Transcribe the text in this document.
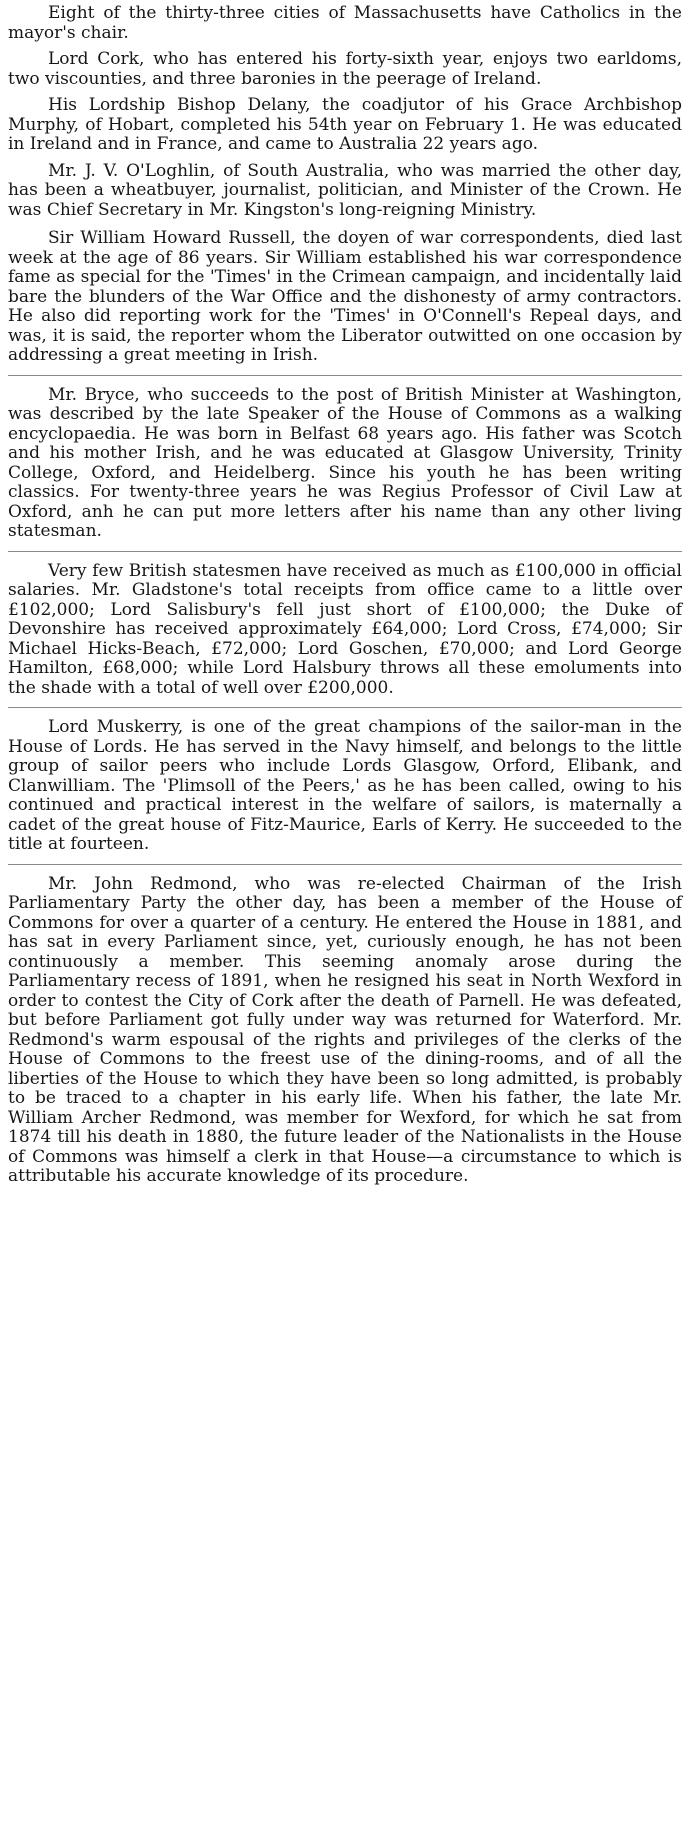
Eight of the thirty-three cities of Massachusetts have Catholics in the mayor's chair.

Lord Cork, who has entered his forty-sixth year, enjoys two earldoms, two viscounties, and three baronies in the peerage of Ireland.

His Lordship Bishop Delany, the coadjutor of his Grace Archbishop Murphy, of Hobart, completed his 54th year on February 1. He was educated in Ireland and in France, and came to Australia 22 years ago.

Mr. J. V. O'Loghlin, of South Australia, who was married the other day, has been a wheatbuyer, journalist, politician, and Minister of the Crown. He was Chief Secretary in Mr. Kingston's long-reigning Ministry.

Sir William Howard Russell, the doyen of war correspondents, died last week at the age of 86 years. Sir William established his war correspondence fame as special for the 'Times' in the Crimean campaign, and incidentally laid bare the blunders of the War Office and the dishonesty of army contractors. He also did reporting work for the 'Times' in O'Connell's Repeal days, and was, it is said, the reporter whom the Liberator outwitted on one occasion by addressing a great meeting in Irish.

Mr. Bryce, who succeeds to the post of British Minister at Washington, was described by the late Speaker of the House of Commons as a walking encyclopaedia. He was born in Belfast 68 years ago. His father was Scotch and his mother Irish, and he was educated at Glasgow University, Trinity College, Oxford, and Heidelberg. Since his youth he has been writing classics. For twenty-three years he was Regius Professor of Civil Law at Oxford, anh he can put more letters after his name than any other living statesman.

Very few British statesmen have received as much as £100,000 in official salaries. Mr. Gladstone's total receipts from office came to a little over £102,000; Lord Salisbury's fell just short of £100,000; the Duke of Devonshire has received approximately £64,000; Lord Cross, £74,000; Sir Michael Hicks-Beach, £72,000; Lord Goschen, £70,000; and Lord George Hamilton, £68,000; while Lord Halsbury throws all these emoluments into the shade with a total of well over £200,000.

Lord Muskerry, is one of the great champions of the sailor-man in the House of Lords. He has served in the Navy himself, and belongs to the little group of sailor peers who include Lords Glasgow, Orford, Elibank, and Clanwilliam. The 'Plimsoll of the Peers,' as he has been called, owing to his continued and practical interest in the welfare of sailors, is maternally a cadet of the great house of Fitz-Maurice, Earls of Kerry. He succeeded to the title at fourteen.

Mr. John Redmond, who was re-elected Chairman of the Irish Parliamentary Party the other day, has been a member of the House of Commons for over a quarter of a century. He entered the House in 1881, and has sat in every Parliament since, yet, curiously enough, he has not been continuously a member. This seeming anomaly arose during the Parliamentary recess of 1891, when he resigned his seat in North Wexford in order to contest the City of Cork after the death of Parnell. He was defeated, but before Parliament got fully under way was returned for Waterford. Mr. Redmond's warm espousal of the rights and privileges of the clerks of the House of Commons to the freest use of the dining-rooms, and of all the liberties of the House to which they have been so long admitted, is probably to be traced to a chapter in his early life. When his father, the late Mr. William Archer Redmond, was member for Wexford, for which he sat from 1874 till his death in 1880, the future leader of the Nationalists in the House of Commons was himself a clerk in that House—a circumstance to which is attributable his accurate knowledge of its procedure.
